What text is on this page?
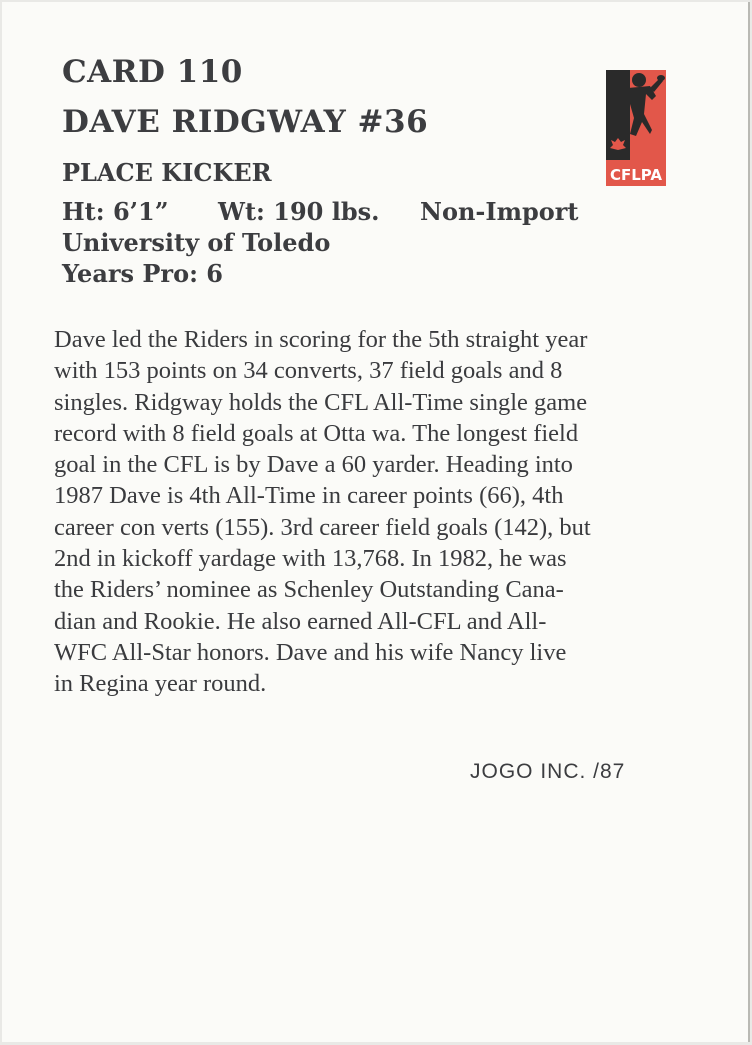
CARD 110
DAVE RIDGWAY #36
PLACE KICKER
Ht: 6’1” Wt: 190 lbs. Non-Import
University of Toledo
Years Pro: 6
CFLPA
Dave led the Riders in scoring for the 5th straight year
with 153 points on 34 converts, 37 field goals and 8
singles. Ridgway holds the CFL All-Time single game
record with 8 field goals at Otta wa. The longest field
goal in the CFL is by Dave a 60 yarder. Heading into
1987 Dave is 4th All-Time in career points (66), 4th
career con verts (155). 3rd career field goals (142), but
2nd in kickoff yardage with 13,768. In 1982, he was
the Riders’ nominee as Schenley Outstanding Cana-
dian and Rookie. He also earned All-CFL and All-
WFC All-Star honors. Dave and his wife Nancy live
in Regina year round.
JOGO INC. /87
